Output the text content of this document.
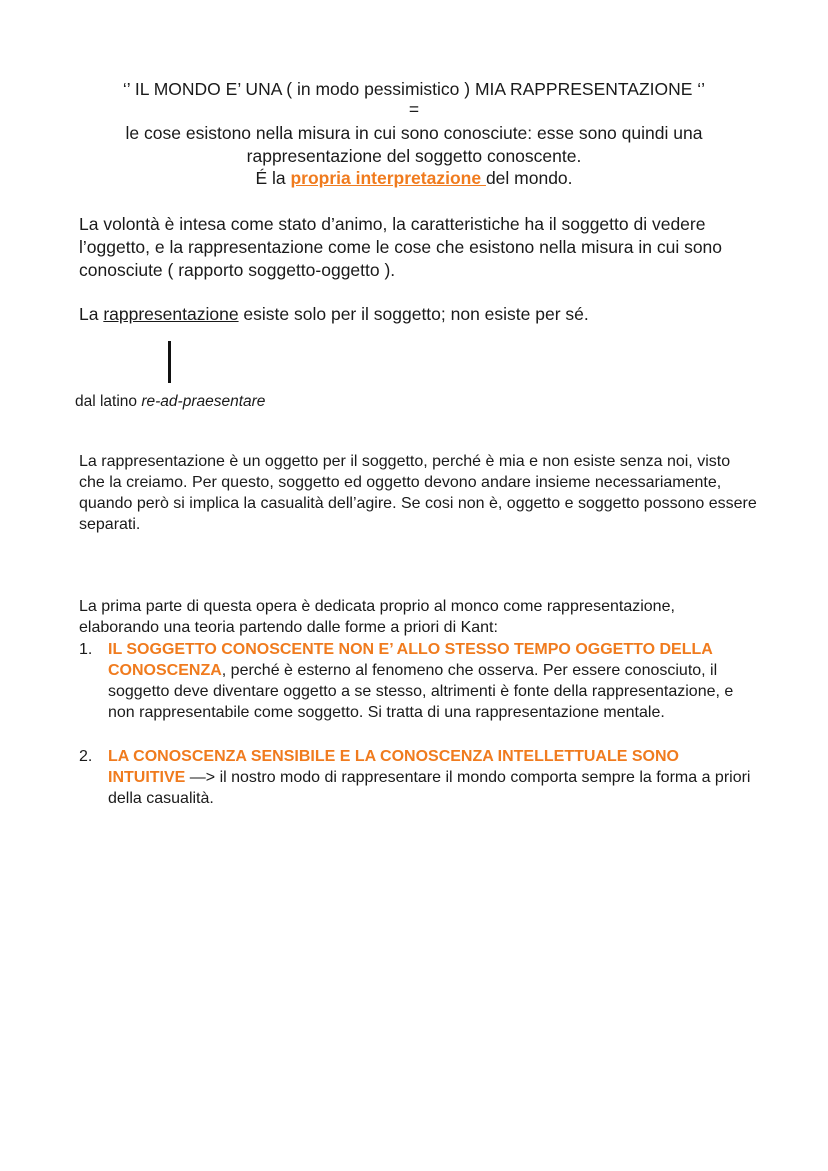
‘’ IL MONDO E’ UNA ( in modo pessimistico ) MIA RAPPRESENTAZIONE ‘’
=
le cose esistono nella misura in cui sono conosciute: esse sono quindi una
rappresentazione del soggetto conoscente.
É la propria interpretazione del mondo.
La volontà è intesa come stato d’animo, la caratteristiche ha il soggetto di vedere l’oggetto, e la rappresentazione come le cose che esistono nella misura in cui sono conosciute ( rapporto soggetto-oggetto ).
La rappresentazione esiste solo per il soggetto; non esiste per sé.
dal latino re-ad-praesentare
La rappresentazione è un oggetto per il soggetto, perché è mia e non esiste senza noi, visto che la creiamo. Per questo, soggetto ed oggetto devono andare insieme necessariamente, quando però si implica la casualità dell’agire. Se cosi non è, oggetto e soggetto possono essere separati.
La prima parte di questa opera è dedicata proprio al monco come rappresentazione, elaborando una teoria partendo dalle forme a priori di Kant:
1. IL SOGGETTO CONOSCENTE NON E’ ALLO STESSO TEMPO OGGETTO DELLA CONOSCENZA, perché è esterno al fenomeno che osserva. Per essere conosciuto, il soggetto deve diventare oggetto a se stesso, altrimenti è fonte della rappresentazione, e non rappresentabile come soggetto. Si tratta di una rappresentazione mentale.
2. LA CONOSCENZA SENSIBILE E LA CONOSCENZA INTELLETTUALE SONO INTUITIVE —> il nostro modo di rappresentare il mondo comporta sempre la forma a priori della casualità.
